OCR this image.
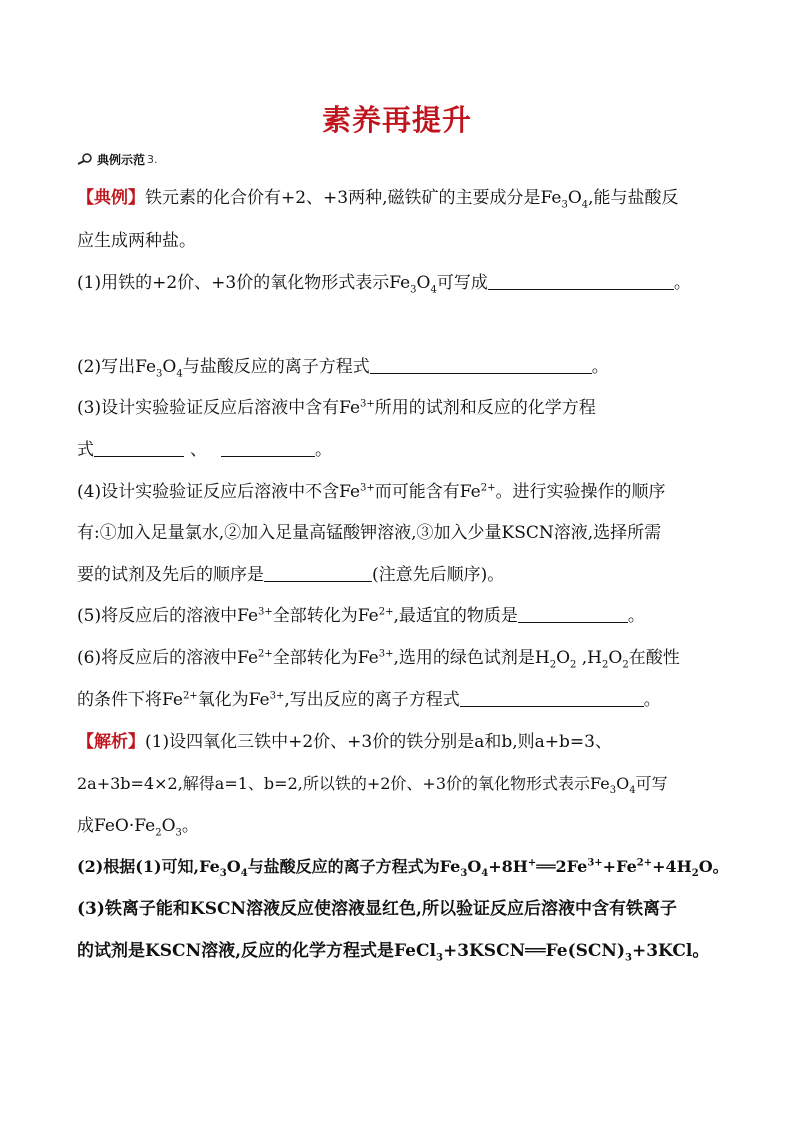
素养再提升
典例示范 3.
【典例】铁元素的化合价有+2、+3两种,磁铁矿的主要成分是$Fe_3O_4$,能与盐酸反
应生成两种盐。
(1)用铁的+2价、+3价的氧化物形式表示$Fe_3O_4$可写成	。
(2)写出$Fe_3O_4$与盐酸反应的离子方程式	。
(3)设计实验验证反应后溶液中含有$Fe^{3+}$所用的试剂和反应的化学方程
式	、	。
(4)设计实验验证反应后溶液中不含$Fe^{3+}$而可能含有$Fe^{2+}$。进行实验操作的顺序
有:①加入足量氯水,②加入足量高锰酸钾溶液,③加入少量KSCN溶液,选择所需
要的试剂及先后的顺序是	(注意先后顺序)。
(5)将反应后的溶液中$Fe^{3+}$全部转化为$Fe^{2+}$,最适宜的物质是	。
(6)将反应后的溶液中$Fe^{2+}$全部转化为$Fe^{3+}$,选用的绿色试剂是$H_2O_2$ $,H_2O_2$在酸性
的条件下将$Fe^{2+}$氧化为$Fe^{3+}$,写出反应的离子方程式	。
【解析】(1)设四氧化三铁中+2价、+3价的铁分别是a和b,则a+b=3、
2a+3b=4×2,解得a=1、b=2,所以铁的+2价、+3价的氧化物形式表示$Fe_3O_4$可写
成$FeO\cdot Fe_2O_3$。
(2)根据(1)可知$,Fe_3O_4$与盐酸反应的离子方程式为$Fe_3O_4+8H^+══2Fe^{3+}+Fe^{2+}+4H_2O$。
(3)铁离子能和KSCN溶液反应使溶液显红色,所以验证反应后溶液中含有铁离子
的试剂是KSCN溶液,反应的化学方程式是$FeCl_3+3KSCN══Fe(SCN)_3+3KCl$。
